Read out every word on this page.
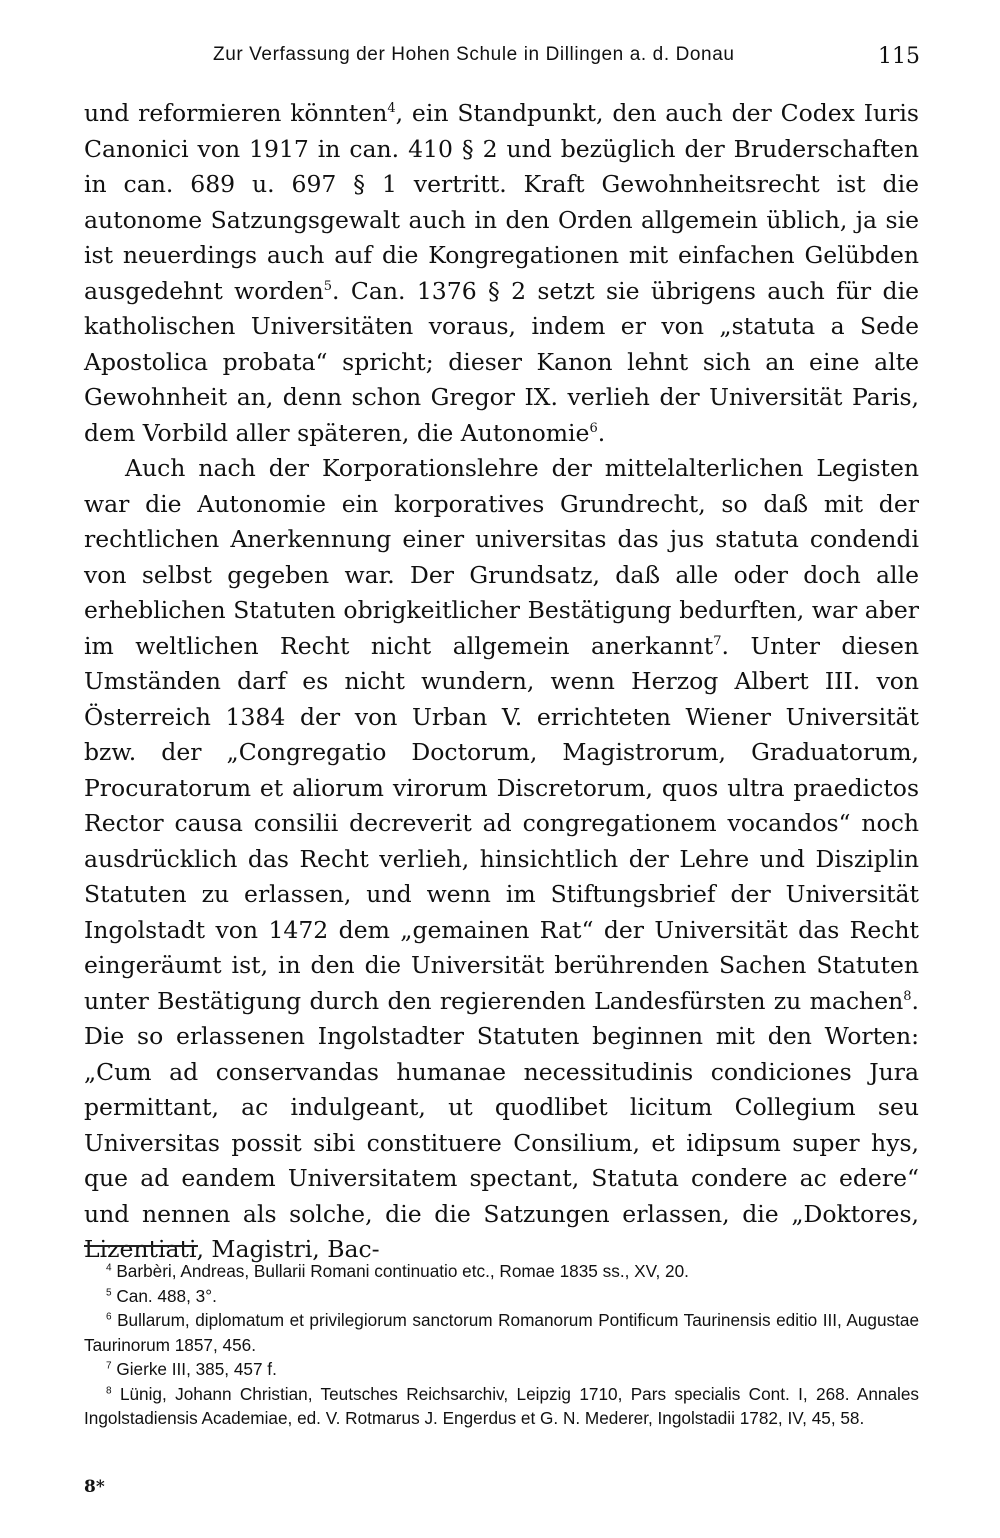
Zur Verfassung der Hohen Schule in Dillingen a. d. Donau	115

und reformieren könnten$^4$, ein Standpunkt, den auch der Codex Iuris Canonici von 1917 in can. 410 § 2 und bezüglich der Bruderschaften in can. 689 u. 697 § 1 vertritt. Kraft Gewohnheitsrecht ist die autonome Satzungsgewalt auch in den Orden allgemein üblich, ja sie ist neuerdings auch auf die Kongregationen mit einfachen Gelübden ausgedehnt worden$^5$. Can. 1376 § 2 setzt sie übrigens auch für die katholischen Universitäten voraus, indem er von „statuta a Sede Apostolica probata“ spricht; dieser Kanon lehnt sich an eine alte Gewohnheit an, denn schon Gregor IX. verlieh der Universität Paris, dem Vorbild aller späteren, die Autonomie$^6$.

Auch nach der Korporationslehre der mittelalterlichen Legisten war die Autonomie ein korporatives Grundrecht, so daß mit der rechtlichen Anerkennung einer universitas das jus statuta condendi von selbst gegeben war. Der Grundsatz, daß alle oder doch alle erheblichen Statuten obrigkeitlicher Bestätigung bedurften, war aber im weltlichen Recht nicht allgemein anerkannt$^7$. Unter diesen Umständen darf es nicht wundern, wenn Herzog Albert III. von Österreich 1384 der von Urban V. errichteten Wiener Universität bzw. der „Congregatio Doctorum, Magistrorum, Graduatorum, Procuratorum et aliorum virorum Discretorum, quos ultra praedictos Rector causa consilii decreverit ad congregationem vocandos“ noch ausdrücklich das Recht verlieh, hinsichtlich der Lehre und Disziplin Statuten zu erlassen, und wenn im Stiftungsbrief der Universität Ingolstadt von 1472 dem „gemainen Rat“ der Universität das Recht eingeräumt ist, in den die Universität berührenden Sachen Statuten unter Bestätigung durch den regierenden Landesfürsten zu machen$^8$. Die so erlassenen Ingolstadter Statuten beginnen mit den Worten: „Cum ad conservandas humanae necessitudinis condiciones Jura permittant, ac indulgeant, ut quodlibet licitum Collegium seu Universitas possit sibi constituere Consilium, et idipsum super hys, que ad eandem Universitatem spectant, Statuta condere ac edere“ und nennen als solche, die die Satzungen erlassen, die „Doktores, Lizentiati, Magistri, Bac-

$^4$ Barbèri, Andreas, Bullarii Romani continuatio etc., Romae 1835 ss., XV, 20.

$^5$ Can. 488, 3°.

$^6$ Bullarum, diplomatum et privilegiorum sanctorum Romanorum Pontificum Taurinensis editio III, Augustae Taurinorum 1857, 456.

$^7$ Gierke III, 385, 457 f.

$^8$ Lünig, Johann Christian, Teutsches Reichsarchiv, Leipzig 1710, Pars specialis Cont. I, 268. Annales Ingolstadiensis Academiae, ed. V. Rotmarus J. Engerdus et G. N. Mederer, Ingolstadii 1782, IV, 45, 58.

8*
